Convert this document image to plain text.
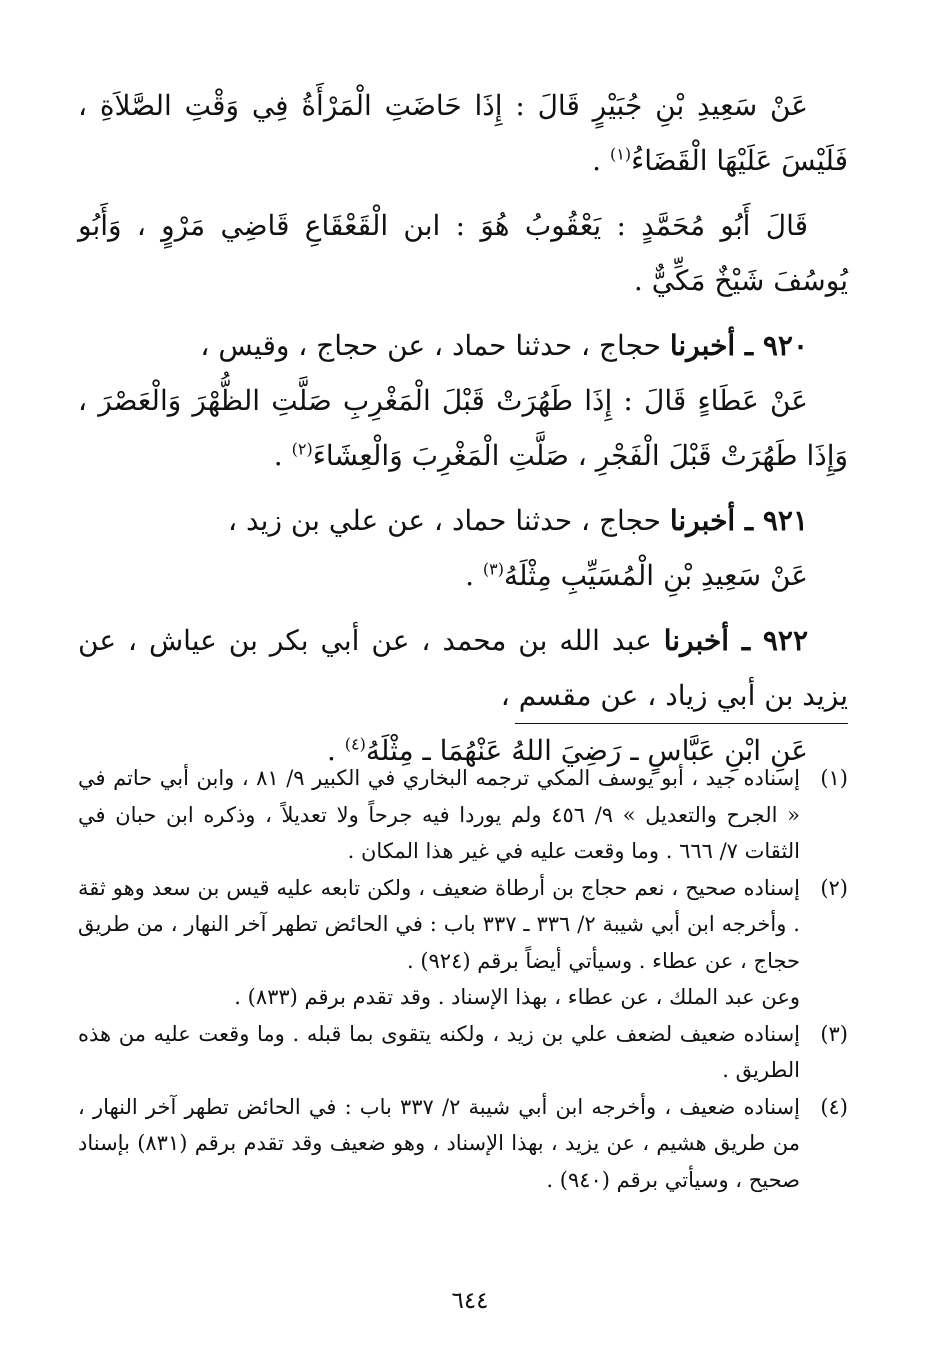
عَنْ سَعِيدِ بْنِ جُبَيْرٍ قَالَ : إِذَا حَاضَتِ الْمَرْأَةُ فِي وَقْتِ الصَّلاَةِ ، فَلَيْسَ عَلَيْهَا الْقَضَاءُ$^{(١)}$ .

قَالَ أَبُو مُحَمَّدٍ : يَعْقُوبُ هُوَ : ابن الْقَعْقَاعِ قَاضِي مَرْوٍ ، وَأَبُو يُوسُفَ شَيْخٌ مَكِّيٌّ .

٩٢٠ ـ أخبرنا حجاج ، حدثنا حماد ، عن حجاج ، وقيس ،

عَنْ عَطَاءٍ قَالَ : إِذَا طَهُرَتْ قَبْلَ الْمَغْرِبِ صَلَّتِ الظُّهْرَ وَالْعَصْرَ ، وَإِذَا طَهُرَتْ قَبْلَ الْفَجْرِ ، صَلَّتِ الْمَغْرِبَ وَالْعِشَاءَ$^{(٢)}$ .

٩٢١ ـ أخبرنا حجاج ، حدثنا حماد ، عن علي بن زيد ،

عَنْ سَعِيدِ بْنِ الْمُسَيِّبِ مِثْلَهُ$^{(٣)}$ .

٩٢٢ ـ أخبرنا عبد الله بن محمد ، عن أبي بكر بن عياش ، عن يزيد بن أبي زياد ، عن مقسم ،

عَنِ ابْنِ عَبَّاسٍ ـ رَضِيَ اللهُ عَنْهُمَا ـ مِثْلَهُ$^{(٤)}$ .

(١)

إسناده جيد ، أبو يوسف المكي ترجمه البخاري في الكبير ٩/ ٨١ ، وابن أبي حاتم في « الجرح والتعديل » ٩/ ٤٥٦ ولم يوردا فيه جرحاً ولا تعديلاً ، وذكره ابن حبان في الثقات ٧/ ٦٦٦ . وما وقعت عليه في غير هذا المكان .

(٢)

إسناده صحيح ، نعم حجاج بن أرطاة ضعيف ، ولكن تابعه عليه قيس بن سعد وهو ثقة . وأخرجه ابن أبي شيبة ٢/ ٣٣٦ ـ ٣٣٧ باب : في الحائض تطهر آخر النهار ، من طريق حجاج ، عن عطاء . وسيأتي أيضاً برقم (٩٢٤) .

وعن عبد الملك ، عن عطاء ، بهذا الإسناد . وقد تقدم برقم (٨٣٣) .

(٣)

إسناده ضعيف لضعف علي بن زيد ، ولكنه يتقوى بما قبله . وما وقعت عليه من هذه الطريق .

(٤)

إسناده ضعيف ، وأخرجه ابن أبي شيبة ٢/ ٣٣٧ باب : في الحائض تطهر آخر النهار ، من طريق هشيم ، عن يزيد ، بهذا الإسناد ، وهو ضعيف وقد تقدم برقم (٨٣١) بإسناد صحيح ، وسيأتي برقم (٩٤٠) .

٦٤٤
